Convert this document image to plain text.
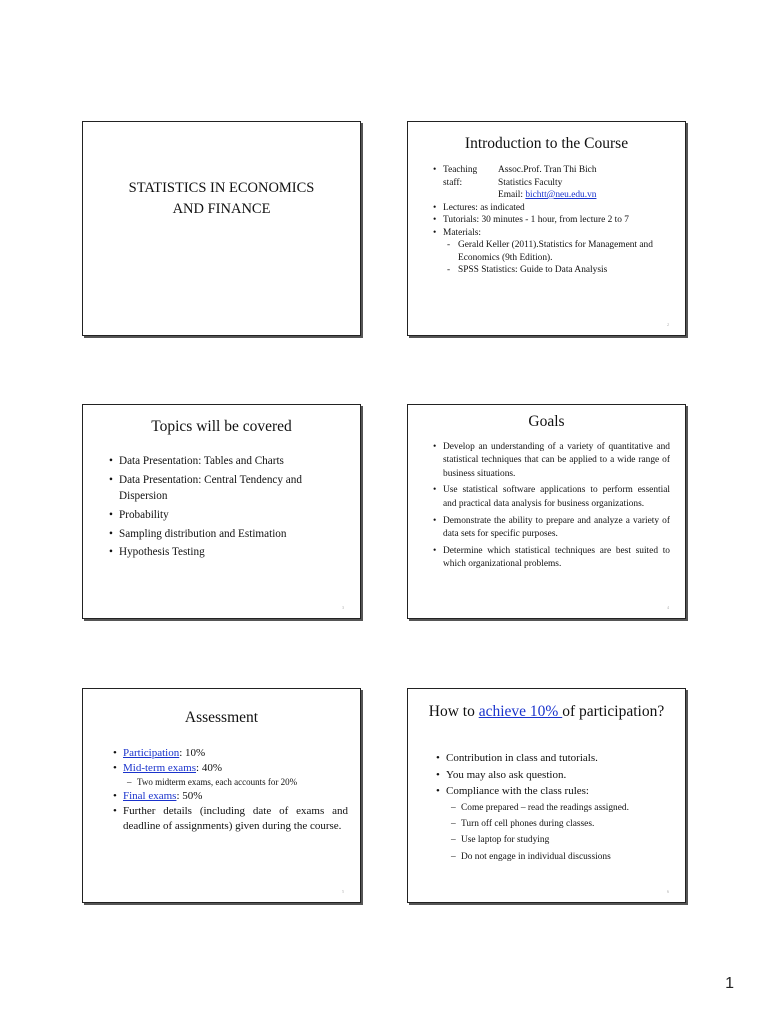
STATISTICS IN ECONOMICS
AND FINANCE
Introduction to the Course
• Teaching staff:
Assoc.Prof. Tran Thi Bich
Statistics Faculty
Email: bichtt@neu.edu.vn
• Lectures: as indicated
• Tutorials: 30 minutes - 1 hour, from lecture 2 to 7
• Materials:
- Gerald Keller (2011).Statistics for Management and Economics (9th Edition).
- SPSS Statistics: Guide to Data Analysis
2
Topics will be covered
• Data Presentation: Tables and Charts
• Data Presentation: Central Tendency and Dispersion
• Probability
• Sampling distribution and Estimation
• Hypothesis Testing
3
Goals
• Develop an understanding of a variety of quantitative and statistical techniques that can be applied to a wide range of business situations.
• Use statistical software applications to perform essential and practical data analysis for business organizations.
• Demonstrate the ability to prepare and analyze a variety of data sets for specific purposes.
• Determine which statistical techniques are best suited to which organizational problems.
4
Assessment
• Participation: 10%
• Mid-term exams: 40%
– Two midterm exams, each accounts for 20%
• Final exams: 50%
• Further details (including date of exams and deadline of assignments) given during the course.
5
How to achieve 10% of participation?
• Contribution in class and tutorials.
• You may also ask question.
• Compliance with the class rules:
– Come prepared – read the readings assigned.
– Turn off cell phones during classes.
– Use laptop for studying
– Do not engage in individual discussions
6
1
